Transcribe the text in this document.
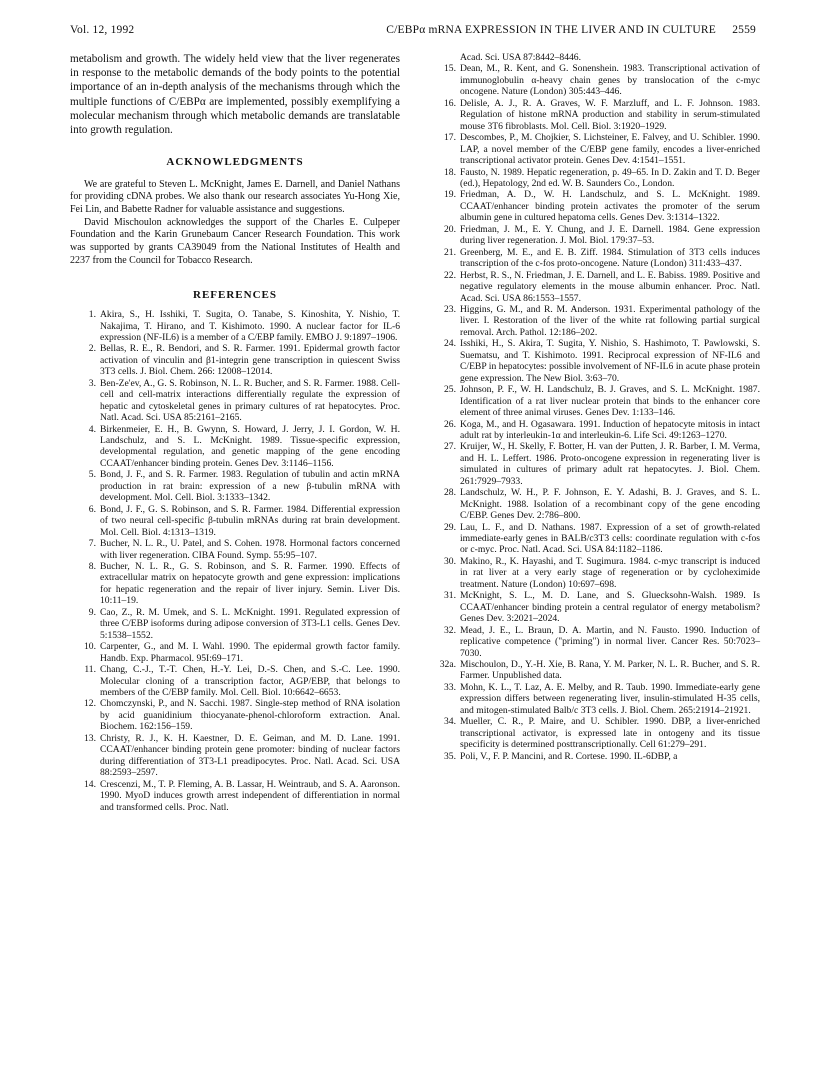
Vol. 12, 1992	C/EBPα mRNA EXPRESSION IN THE LIVER AND IN CULTURE 2559

metabolism and growth. The widely held view that the liver regenerates in response to the metabolic demands of the body points to the potential importance of an in-depth analysis of the mechanisms through which the multiple functions of C/EBPα are implemented, possibly exemplifying a molecular mechanism through which metabolic demands are translatable into growth regulation.

ACKNOWLEDGMENTS

We are grateful to Steven L. McKnight, James E. Darnell, and Daniel Nathans for providing cDNA probes. We also thank our research associates Yu-Hong Xie, Fei Lin, and Babette Radner for valuable assistance and suggestions.

David Mischoulon acknowledges the support of the Charles E. Culpeper Foundation and the Karin Grunebaum Cancer Research Foundation. This work was supported by grants CA39049 from the National Institutes of Health and 2237 from the Council for Tobacco Research.

REFERENCES
1. Akira, S., H. Isshiki, T. Sugita, O. Tanabe, S. Kinoshita, Y. Nishio, T. Nakajima, T. Hirano, and T. Kishimoto. 1990. A nuclear factor for IL-6 expression (NF-IL6) is a member of a C/EBP family. EMBO J. 9:1897–1906.
2. Bellas, R. E., R. Bendori, and S. R. Farmer. 1991. Epidermal growth factor activation of vinculin and β1-integrin gene transcription in quiescent Swiss 3T3 cells. J. Biol. Chem. 266: 12008–12014.
3. Ben-Ze'ev, A., G. S. Robinson, N. L. R. Bucher, and S. R. Farmer. 1988. Cell-cell and cell-matrix interactions differentially regulate the expression of hepatic and cytoskeletal genes in primary cultures of rat hepatocytes. Proc. Natl. Acad. Sci. USA 85:2161–2165.
4. Birkenmeier, E. H., B. Gwynn, S. Howard, J. Jerry, J. I. Gordon, W. H. Landschulz, and S. L. McKnight. 1989. Tissue-specific expression, developmental regulation, and genetic mapping of the gene encoding CCAAT/enhancer binding protein. Genes Dev. 3:1146–1156.
5. Bond, J. F., and S. R. Farmer. 1983. Regulation of tubulin and actin mRNA production in rat brain: expression of a new β-tubulin mRNA with development. Mol. Cell. Biol. 3:1333–1342.
6. Bond, J. F., G. S. Robinson, and S. R. Farmer. 1984. Differential expression of two neural cell-specific β-tubulin mRNAs during rat brain development. Mol. Cell. Biol. 4:1313–1319.
7. Bucher, N. L. R., U. Patel, and S. Cohen. 1978. Hormonal factors concerned with liver regeneration. CIBA Found. Symp. 55:95–107.
8. Bucher, N. L. R., G. S. Robinson, and S. R. Farmer. 1990. Effects of extracellular matrix on hepatocyte growth and gene expression: implications for hepatic regeneration and the repair of liver injury. Semin. Liver Dis. 10:11–19.
9. Cao, Z., R. M. Umek, and S. L. McKnight. 1991. Regulated expression of three C/EBP isoforms during adipose conversion of 3T3-L1 cells. Genes Dev. 5:1538–1552.
10. Carpenter, G., and M. I. Wahl. 1990. The epidermal growth factor family. Handb. Exp. Pharmacol. 95I:69–171.
11. Chang, C.-J., T.-T. Chen, H.-Y. Lei, D.-S. Chen, and S.-C. Lee. 1990. Molecular cloning of a transcription factor, AGP/EBP, that belongs to members of the C/EBP family. Mol. Cell. Biol. 10:6642–6653.
12. Chomczynski, P., and N. Sacchi. 1987. Single-step method of RNA isolation by acid guanidinium thiocyanate-phenol-chloroform extraction. Anal. Biochem. 162:156–159.
13. Christy, R. J., K. H. Kaestner, D. E. Geiman, and M. D. Lane. 1991. CCAAT/enhancer binding protein gene promoter: binding of nuclear factors during differentiation of 3T3-L1 preadipocytes. Proc. Natl. Acad. Sci. USA 88:2593–2597.
14. Crescenzi, M., T. P. Fleming, A. B. Lassar, H. Weintraub, and S. A. Aaronson. 1990. MyoD induces growth arrest independent of differentiation in normal and transformed cells. Proc. Natl.
Acad. Sci. USA 87:8442–8446.
15. Dean, M., R. Kent, and G. Sonenshein. 1983. Transcriptional activation of immunoglobulin α-heavy chain genes by translocation of the c-myc oncogene. Nature (London) 305:443–446.
16. Delisle, A. J., R. A. Graves, W. F. Marzluff, and L. F. Johnson. 1983. Regulation of histone mRNA production and stability in serum-stimulated mouse 3T6 fibroblasts. Mol. Cell. Biol. 3:1920–1929.
17. Descombes, P., M. Chojkier, S. Lichsteiner, E. Falvey, and U. Schibler. 1990. LAP, a novel member of the C/EBP gene family, encodes a liver-enriched transcriptional activator protein. Genes Dev. 4:1541–1551.
18. Fausto, N. 1989. Hepatic regeneration, p. 49–65. In D. Zakin and T. D. Beger (ed.), Hepatology, 2nd ed. W. B. Saunders Co., London.
19. Friedman, A. D., W. H. Landschulz, and S. L. McKnight. 1989. CCAAT/enhancer binding protein activates the promoter of the serum albumin gene in cultured hepatoma cells. Genes Dev. 3:1314–1322.
20. Friedman, J. M., E. Y. Chung, and J. E. Darnell. 1984. Gene expression during liver regeneration. J. Mol. Biol. 179:37–53.
21. Greenberg, M. E., and E. B. Ziff. 1984. Stimulation of 3T3 cells induces transcription of the c-fos proto-oncogene. Nature (London) 311:433–437.
22. Herbst, R. S., N. Friedman, J. E. Darnell, and L. E. Babiss. 1989. Positive and negative regulatory elements in the mouse albumin enhancer. Proc. Natl. Acad. Sci. USA 86:1553–1557.
23. Higgins, G. M., and R. M. Anderson. 1931. Experimental pathology of the liver. I. Restoration of the liver of the white rat following partial surgical removal. Arch. Pathol. 12:186–202.
24. Isshiki, H., S. Akira, T. Sugita, Y. Nishio, S. Hashimoto, T. Pawlowski, S. Suematsu, and T. Kishimoto. 1991. Reciprocal expression of NF-IL6 and C/EBP in hepatocytes: possible involvement of NF-IL6 in acute phase protein gene expression. The New Biol. 3:63–70.
25. Johnson, P. F., W. H. Landschulz, B. J. Graves, and S. L. McKnight. 1987. Identification of a rat liver nuclear protein that binds to the enhancer core element of three animal viruses. Genes Dev. 1:133–146.
26. Koga, M., and H. Ogasawara. 1991. Induction of hepatocyte mitosis in intact adult rat by interleukin-1α and interleukin-6. Life Sci. 49:1263–1270.
27. Kruijer, W., H. Skelly, F. Botter, H. van der Putten, J. R. Barber, I. M. Verma, and H. L. Leffert. 1986. Proto-oncogene expression in regenerating liver is simulated in cultures of primary adult rat hepatocytes. J. Biol. Chem. 261:7929–7933.
28. Landschulz, W. H., P. F. Johnson, E. Y. Adashi, B. J. Graves, and S. L. McKnight. 1988. Isolation of a recombinant copy of the gene encoding C/EBP. Genes Dev. 2:786–800.
29. Lau, L. F., and D. Nathans. 1987. Expression of a set of growth-related immediate-early genes in BALB/c3T3 cells: coordinate regulation with c-fos or c-myc. Proc. Natl. Acad. Sci. USA 84:1182–1186.
30. Makino, R., K. Hayashi, and T. Sugimura. 1984. c-myc transcript is induced in rat liver at a very early stage of regeneration or by cycloheximide treatment. Nature (London) 10:697–698.
31. McKnight, S. L., M. D. Lane, and S. Gluecksohn-Walsh. 1989. Is CCAAT/enhancer binding protein a central regulator of energy metabolism? Genes Dev. 3:2021–2024.
32. Mead, J. E., L. Braun, D. A. Martin, and N. Fausto. 1990. Induction of replicative competence ("priming") in normal liver. Cancer Res. 50:7023–7030.
32a. Mischoulon, D., Y.-H. Xie, B. Rana, Y. M. Parker, N. L. R. Bucher, and S. R. Farmer. Unpublished data.
33. Mohn, K. L., T. Laz, A. E. Melby, and R. Taub. 1990. Immediate-early gene expression differs between regenerating liver, insulin-stimulated H-35 cells, and mitogen-stimulated Balb/c 3T3 cells. J. Biol. Chem. 265:21914–21921.
34. Mueller, C. R., P. Maire, and U. Schibler. 1990. DBP, a liver-enriched transcriptional activator, is expressed late in ontogeny and its tissue specificity is determined posttranscriptionally. Cell 61:279–291.
35. Poli, V., F. P. Mancini, and R. Cortese. 1990. IL-6DBP, a
